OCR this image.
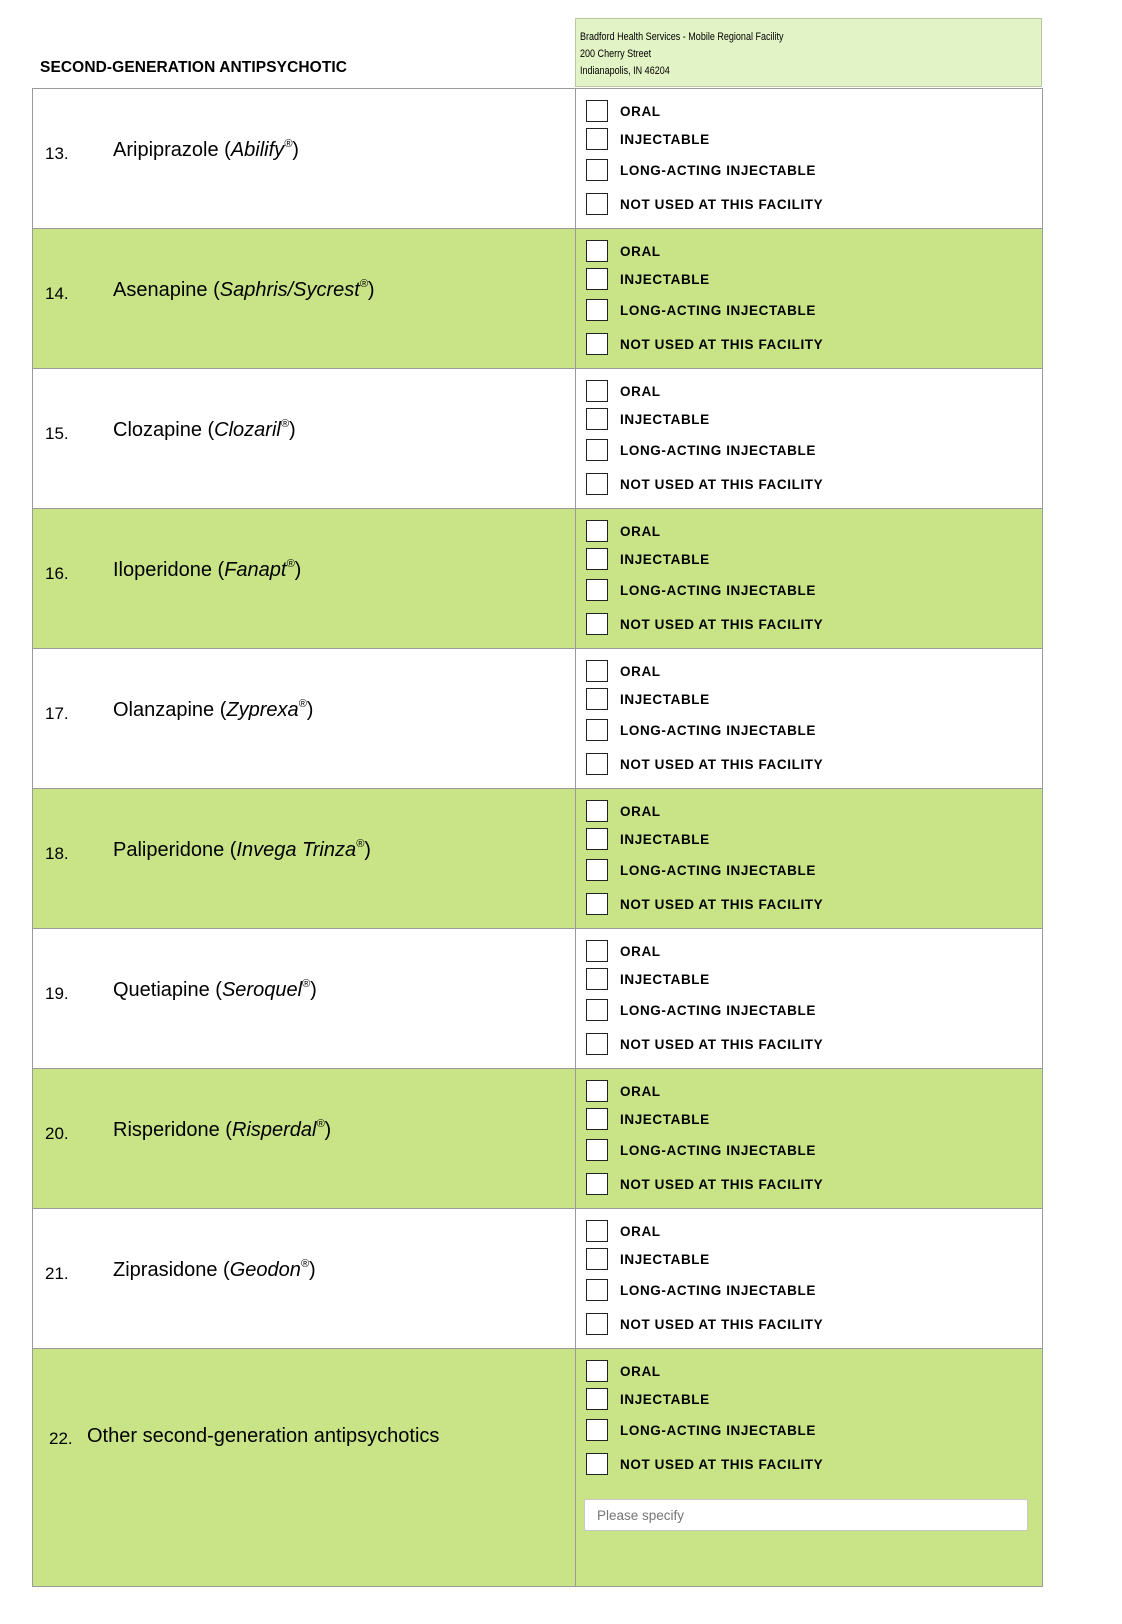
SECOND-GENERATION ANTIPSYCHOTIC
Bradford Health Services - Mobile Regional Facility
200 Cherry Street
Indianapolis, IN 46204
13. Aripiprazole (Abilify®)
ORAL
INJECTABLE
LONG-ACTING INJECTABLE
NOT USED AT THIS FACILITY
14. Asenapine (Saphris/Sycrest®)
ORAL
INJECTABLE
LONG-ACTING INJECTABLE
NOT USED AT THIS FACILITY
15. Clozapine (Clozaril®)
ORAL
INJECTABLE
LONG-ACTING INJECTABLE
NOT USED AT THIS FACILITY
16. Iloperidone (Fanapt®)
ORAL
INJECTABLE
LONG-ACTING INJECTABLE
NOT USED AT THIS FACILITY
17. Olanzapine (Zyprexa®)
ORAL
INJECTABLE
LONG-ACTING INJECTABLE
NOT USED AT THIS FACILITY
18. Paliperidone (Invega Trinza®)
ORAL
INJECTABLE
LONG-ACTING INJECTABLE
NOT USED AT THIS FACILITY
19. Quetiapine (Seroquel®)
ORAL
INJECTABLE
LONG-ACTING INJECTABLE
NOT USED AT THIS FACILITY
20. Risperidone (Risperdal®)
ORAL
INJECTABLE
LONG-ACTING INJECTABLE
NOT USED AT THIS FACILITY
21. Ziprasidone (Geodon®)
ORAL
INJECTABLE
LONG-ACTING INJECTABLE
NOT USED AT THIS FACILITY
22. Other second-generation antipsychotics
ORAL
INJECTABLE
LONG-ACTING INJECTABLE
NOT USED AT THIS FACILITY
Please specify
